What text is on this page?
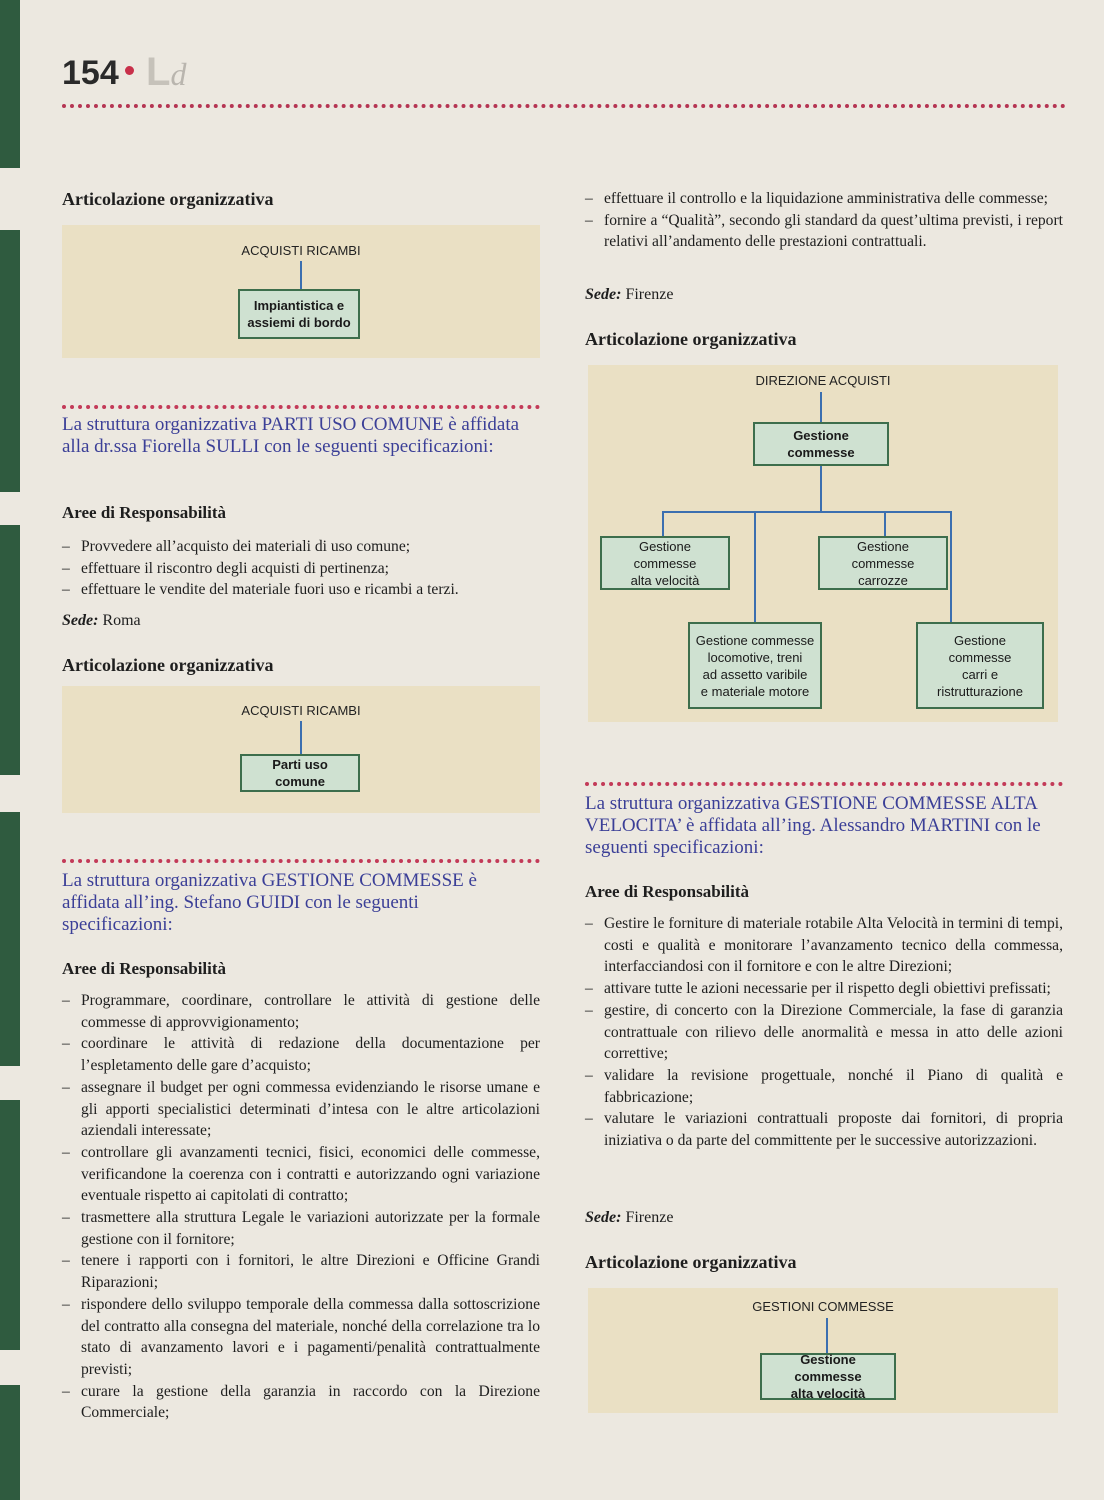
154 Ld
Articolazione organizzativa
ACQUISTI RICAMBI
Impiantistica e
assiemi di bordo
La struttura organizzativa PARTI USO COMUNE è affidata alla dr.ssa Fiorella SULLI con le seguenti specificazioni:
Aree di Responsabilità
– Provvedere all’acquisto dei materiali di uso comune;
– effettuare il riscontro degli acquisti di pertinenza;
– effettuare le vendite del materiale fuori uso e ricambi a terzi.
Sede: Roma
Articolazione organizzativa
ACQUISTI RICAMBI
Parti uso comune
La struttura organizzativa GESTIONE COMMESSE è affidata all’ing. Stefano GUIDI con le seguenti specificazioni:
Aree di Responsabilità
– Programmare, coordinare, controllare le attività di gestione delle commesse di approvvigionamento;
– coordinare le attività di redazione della documentazione per l’espletamento delle gare d’acquisto;
– assegnare il budget per ogni commessa evidenziando le risorse umane e gli apporti specialistici determinati d’intesa con le altre articolazioni aziendali interessate;
– controllare gli avanzamenti tecnici, fisici, economici delle commesse, verificandone la coerenza con i contratti e autorizzando ogni variazione eventuale rispetto ai capitolati di contratto;
– trasmettere alla struttura Legale le variazioni autorizzate per la formale gestione con il fornitore;
– tenere i rapporti con i fornitori, le altre Direzioni e Officine Grandi Riparazioni;
– rispondere dello sviluppo temporale della commessa dalla sottoscrizione del contratto alla consegna del materiale, nonché della correlazione tra lo stato di avanzamento lavori e i pagamenti/penalità contrattualmente previsti;
– curare la gestione della garanzia in raccordo con la Direzione Commerciale;
– effettuare il controllo e la liquidazione amministrativa delle commesse;
– fornire a “Qualità”, secondo gli standard da quest’ultima previsti, i report relativi all’andamento delle prestazioni contrattuali.
Sede: Firenze
Articolazione organizzativa
DIREZIONE ACQUISTI
Gestione commesse
Gestione commesse
alta velocità
Gestione commesse
carrozze
Gestione commesse
locomotive, treni
ad assetto varibile
e materiale motore
Gestione commesse
carri e
ristrutturazione
La struttura organizzativa GESTIONE COMMESSE ALTA VELOCITA’ è affidata all’ing. Alessandro MARTINI con le seguenti specificazioni:
Aree di Responsabilità
– Gestire le forniture di materiale rotabile Alta Velocità in termini di tempi, costi e qualità e monitorare l’avanzamento tecnico della commessa, interfacciandosi con il fornitore e con le altre Direzioni;
– attivare tutte le azioni necessarie per il rispetto degli obiettivi prefissati;
– gestire, di concerto con la Direzione Commerciale, la fase di garanzia contrattuale con rilievo delle anormalità e messa in atto delle azioni correttive;
– validare la revisione progettuale, nonché il Piano di qualità e fabbricazione;
– valutare le variazioni contrattuali proposte dai fornitori, di propria iniziativa o da parte del committente per le successive autorizzazioni.
Sede: Firenze
Articolazione organizzativa
GESTIONI COMMESSE
Gestione commesse
alta velocità
